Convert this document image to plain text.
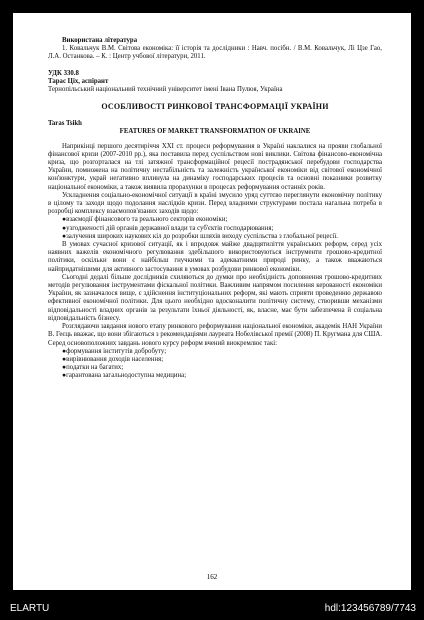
Використана література

1. Ковальчук В.М. Світова економіка: її історія та дослідники : Навч. посібн. / В.М. Ковальчук, Лі Цзе Гао, Л.А. Останкова. – К. : Центр учбової літератури, 2011.

УДК 330.8

Тарас Ціх, аспірант

Тернопільський національний технічний університет імені Івана Пулюя, Україна

ОСОБЛИВОСТІ РИНКОВОЇ ТРАНСФОРМАЦІЇ УКРАЇНИ

Taras Tsikh

FEATURES OF MARKET TRANSFORMATION OF UKRAINE

Наприкінці першого десятиріччя XXI ст. процеси реформування в Україні наклалися на прояви глобальної фінансової кризи (2007-2010 рр.), яка поставила перед суспільством нові виклики. Світова фінансово-економічна криза, що розгорталася на тлі затяжної трансформаційної рецесії пострадянської перебудови господарства України, помножена на політичну нестабільність та залежність української економіки від світової економічної кон'юнктури, украй негативно вплинула на динаміку господарських процесів та основні показники розвитку національної економіки, а також виявила прорахунки в процесах реформування останніх років.

Ускладнення соціально-економічної ситуації в країні змусило уряд суттєво переглянути економічну політику в цілому та заходи щодо подолання наслідків кризи. Перед владними структурами постала нагальна потреба в розробці комплексу взаємопов'язаних заходів щодо:

●взаємодії фінансового та реального секторів економіки;

●узгодженості дій органів державної влади та суб'єктів господарювання;

●залучення широких наукових кіл до розробки шляхів виходу суспільства з глобальної рецесії.

В умовах сучасної кризової ситуації, як і впродовж майже двадцятиліття українських реформ, серед усіх наявних важелів економічного регулювання здебільшого використовуються інструменти грошово-кредитної політики, оскільки вони є найбільш гнучкими та адекватними природі ринку, а також вважаються найпридатнішими для активного застосування в умовах розбудови ринкової економіки.

Сьогодні дедалі більше дослідників схиляються до думки про необхідність доповнення грошово-кредитних методів регулювання інструментами фіскальної політики. Важливим напрямом посилення керованості економіки України, як зазначалося вище, є здійснення інституціональних реформ, які мають сприяти проведенню державою ефективної економічної політики. Для цього необхідно вдосконалити політичну систему, створивши механізми відповідальності владних органів за результати їхньої діяльності, як, власне, має бути забезпечена й соціальна відповідальність бізнесу.

Розглядаючи завдання нового етапу ринкового реформування національної економіки, академік НАН України В. Геєць вважає, що вони збігаються з рекомендаціями лауреата Нобелівської премії (2008) П. Кругмана для США. Серед основоположних завдань нового курсу реформ вчений виокремлює такі:

●формування інститутів добробуту;

●вирівнювання доходів населення;

●податки на багатих;

●гарантована загальнодоступна медицина;

162
ELARTU	hdl:123456789/7743
